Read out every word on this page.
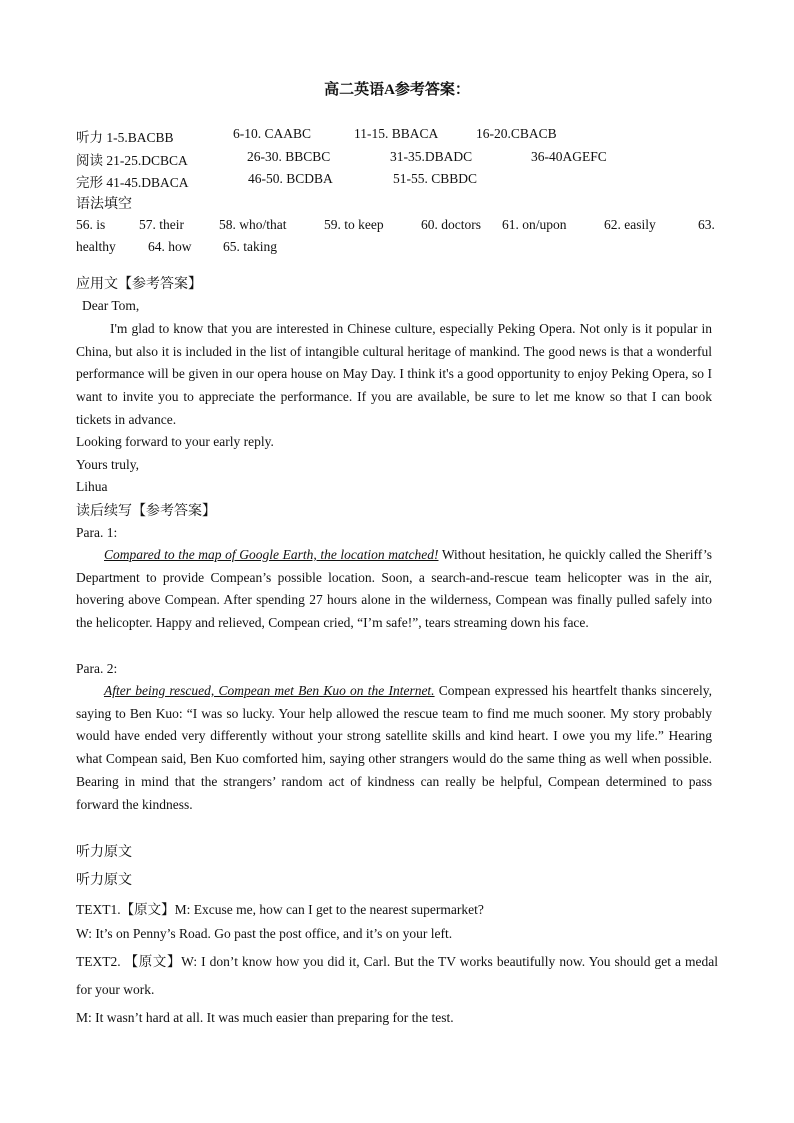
高二英语A参考答案：
听力 1-5.BACBB	6-10. CAABC	11-15. BBACA	16-20.CBACB
阅读 21-25.DCBCA	26-30. BBCBC	31-35.DBADC	36-40AGEFC
完形 41-45.DBACA	46-50. BCDBA	51-55. CBBDC
语法填空
56. is 57. their	58. who/that	59. to keep	60. doctors 61. on/upon	62. easily	63.
healthy 64. how 65. taking
应用文【参考答案】
Dear Tom,
I'm glad to know that you are interested in Chinese culture, especially Peking Opera. Not only is it popular in China, but also it is included in the list of intangible cultural heritage of mankind. The good news is that a wonderful performance will be given in our opera house on May Day. I think it's a good opportunity to enjoy Peking Opera, so I want to invite you to appreciate the performance. If you are available, be sure to let me know so that I can book tickets in advance.
Looking forward to your early reply.
Yours truly,
Lihua
读后续写【参考答案】
Para. 1:
Compared to the map of Google Earth, the location matched! Without hesitation, he quickly called the Sheriff’s Department to provide Compean’s possible location. Soon, a search-and-rescue team helicopter was in the air, hovering above Compean. After spending 27 hours alone in the wilderness, Compean was finally pulled safely into the helicopter. Happy and relieved, Compean cried, “I’m safe!”, tears streaming down his face.
Para. 2:
After being rescued, Compean met Ben Kuo on the Internet. Compean expressed his heartfelt thanks sincerely, saying to Ben Kuo: “I was so lucky. Your help allowed the rescue team to find me much sooner. My story probably would have ended very differently without your strong satellite skills and kind heart. I owe you my life.” Hearing what Compean said, Ben Kuo comforted him, saying other strangers would do the same thing as well when possible. Bearing in mind that the strangers’ random act of kindness can really be helpful, Compean determined to pass forward the kindness.
听力原文
听力原文
TEXT1.【原文】M: Excuse me, how can I get to the nearest supermarket?
W: It’s on Penny’s Road. Go past the post office, and it’s on your left.
TEXT2. 【原文】W: I don’t know how you did it, Carl. But the TV works beautifully now. You should get a medal for your work.
M: It wasn’t hard at all. It was much easier than preparing for the test.
